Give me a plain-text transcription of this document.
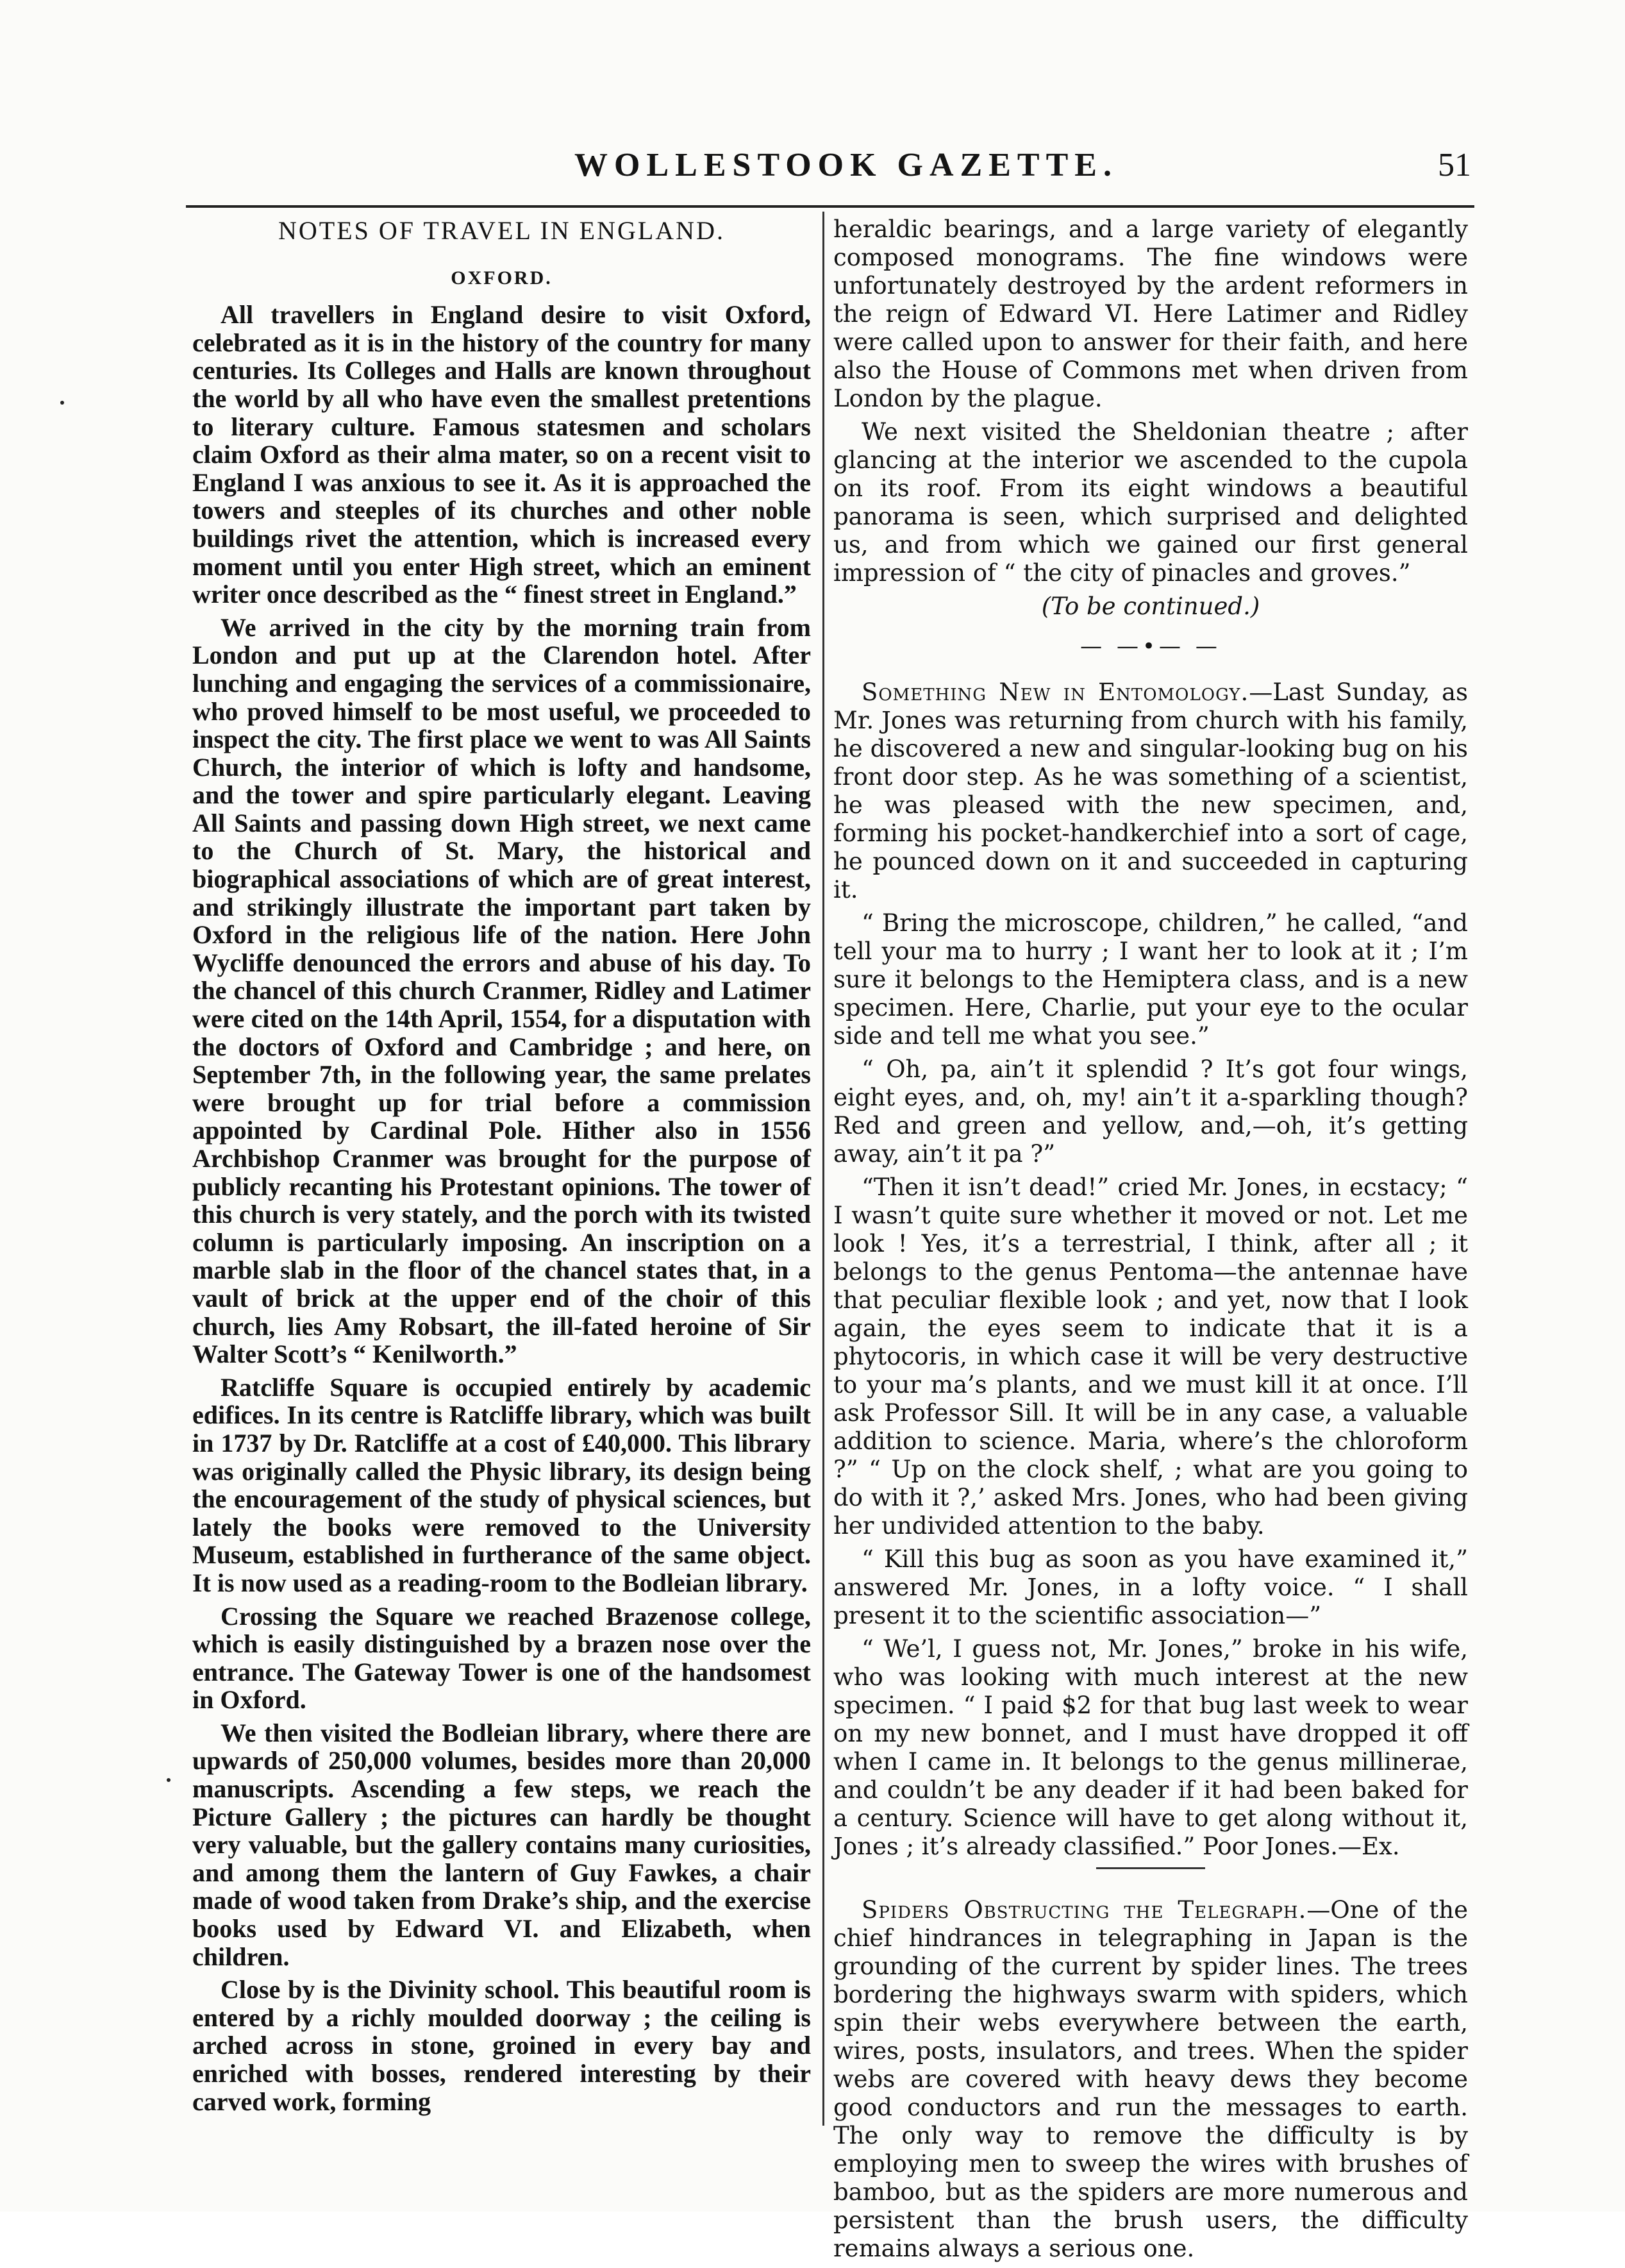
WOLLESTOOK GAZETTE.	51
NOTES OF TRAVEL IN ENGLAND.
OXFORD.

All travellers in England desire to visit Oxford, celebrated as it is in the history of the country for many centuries. Its Colleges and Halls are known throughout the world by all who have even the smallest pretentions to literary culture. Famous statesmen and scholars claim Oxford as their alma mater, so on a recent visit to England I was anxious to see it. As it is approached the towers and steeples of its churches and other noble buildings rivet the attention, which is increased every moment until you enter High street, which an eminent writer once described as the “ finest street in England.”

We arrived in the city by the morning train from London and put up at the Clarendon hotel. After lunching and engaging the services of a commissionaire, who proved himself to be most useful, we proceeded to inspect the city. The first place we went to was All Saints Church, the interior of which is lofty and handsome, and the tower and spire particularly elegant. Leaving All Saints and passing down High street, we next came to the Church of St. Mary, the historical and biographical associations of which are of great interest, and strikingly illustrate the important part taken by Oxford in the religious life of the nation. Here John Wycliffe denounced the errors and abuse of his day. To the chancel of this church Cranmer, Ridley and Latimer were cited on the 14th April, 1554, for a disputation with the doctors of Oxford and Cambridge ; and here, on September 7th, in the following year, the same prelates were brought up for trial before a commission appointed by Cardinal Pole. Hither also in 1556 Archbishop Cranmer was brought for the purpose of publicly recanting his Protestant opinions. The tower of this church is very stately, and the porch with its twisted column is particularly imposing. An inscription on a marble slab in the floor of the chancel states that, in a vault of brick at the upper end of the choir of this church, lies Amy Robsart, the ill-fated heroine of Sir Walter Scott’s “ Kenilworth.”

Ratcliffe Square is occupied entirely by academic edifices. In its centre is Ratcliffe library, which was built in 1737 by Dr. Ratcliffe at a cost of £40,000. This library was originally called the Physic library, its design being the encouragement of the study of physical sciences, but lately the books were removed to the University Museum, established in furtherance of the same object. It is now used as a reading-room to the Bodleian library.

Crossing the Square we reached Brazenose college, which is easily distinguished by a brazen nose over the entrance. The Gateway Tower is one of the handsomest in Oxford.

We then visited the Bodleian library, where there are upwards of 250,000 volumes, besides more than 20,000 manuscripts. Ascending a few steps, we reach the Picture Gallery ; the pictures can hardly be thought very valuable, but the gallery contains many curiosities, and among them the lantern of Guy Fawkes, a chair made of wood taken from Drake’s ship, and the exercise books used by Edward VI. and Elizabeth, when children.

Close by is the Divinity school. This beautiful room is entered by a richly moulded doorway ; the ceiling is arched across in stone, groined in every bay and enriched with bosses, rendered interesting by their carved work, forming

heraldic bearings, and a large variety of elegantly composed monograms. The fine windows were unfortunately destroyed by the ardent reformers in the reign of Edward VI. Here Latimer and Ridley were called upon to answer for their faith, and here also the House of Commons met when driven from London by the plague.

We next visited the Sheldonian theatre ; after glancing at the interior we ascended to the cupola on its roof. From its eight windows a beautiful panorama is seen, which surprised and delighted us, and from which we gained our first general impression of “ the city of pinacles and groves.”

(To be continued.)
— —•— —

Something New in Entomology.—Last Sunday, as Mr. Jones was returning from church with his family, he discovered a new and singular-looking bug on his front door step. As he was something of a scientist, he was pleased with the new specimen, and, forming his pocket-handkerchief into a sort of cage, he pounced down on it and succeeded in capturing it.

“ Bring the microscope, children,” he called, “and tell your ma to hurry ; I want her to look at it ; I’m sure it belongs to the Hemiptera class, and is a new specimen. Here, Charlie, put your eye to the ocular side and tell me what you see.”

“ Oh, pa, ain’t it splendid ? It’s got four wings, eight eyes, and, oh, my! ain’t it a-sparkling though? Red and green and yellow, and,—oh, it’s getting away, ain’t it pa ?”

“Then it isn’t dead!” cried Mr. Jones, in ecstacy; “ I wasn’t quite sure whether it moved or not. Let me look ! Yes, it’s a terrestrial, I think, after all ; it belongs to the genus Pentoma—the antennae have that peculiar flexible look ; and yet, now that I look again, the eyes seem to indicate that it is a phytocoris, in which case it will be very destructive to your ma’s plants, and we must kill it at once. I’ll ask Professor Sill. It will be in any case, a valuable addition to science. Maria, where’s the chloroform ?” “ Up on the clock shelf, ; what are you going to do with it ?,’ asked Mrs. Jones, who had been giving her undivided attention to the baby.

“ Kill this bug as soon as you have examined it,” answered Mr. Jones, in a lofty voice. “ I shall present it to the scientific association—”

“ We’l, I guess not, Mr. Jones,” broke in his wife, who was looking with much interest at the new specimen. “ I paid $2 for that bug last week to wear on my new bonnet, and I must have dropped it off when I came in. It belongs to the genus millinerae, and couldn’t be any deader if it had been baked for a century. Science will have to get along without it, Jones ; it’s already classified.” Poor Jones.—Ex.

Spiders Obstructing the Telegraph.—One of the chief hindrances in telegraphing in Japan is the grounding of the current by spider lines. The trees bordering the highways swarm with spiders, which spin their webs everywhere between the earth, wires, posts, insulators, and trees. When the spider webs are covered with heavy dews they become good conductors and run the messages to earth. The only way to remove the difficulty is by employing men to sweep the wires with brushes of bamboo, but as the spiders are more numerous and persistent than the brush users, the difficulty remains always a serious one.
